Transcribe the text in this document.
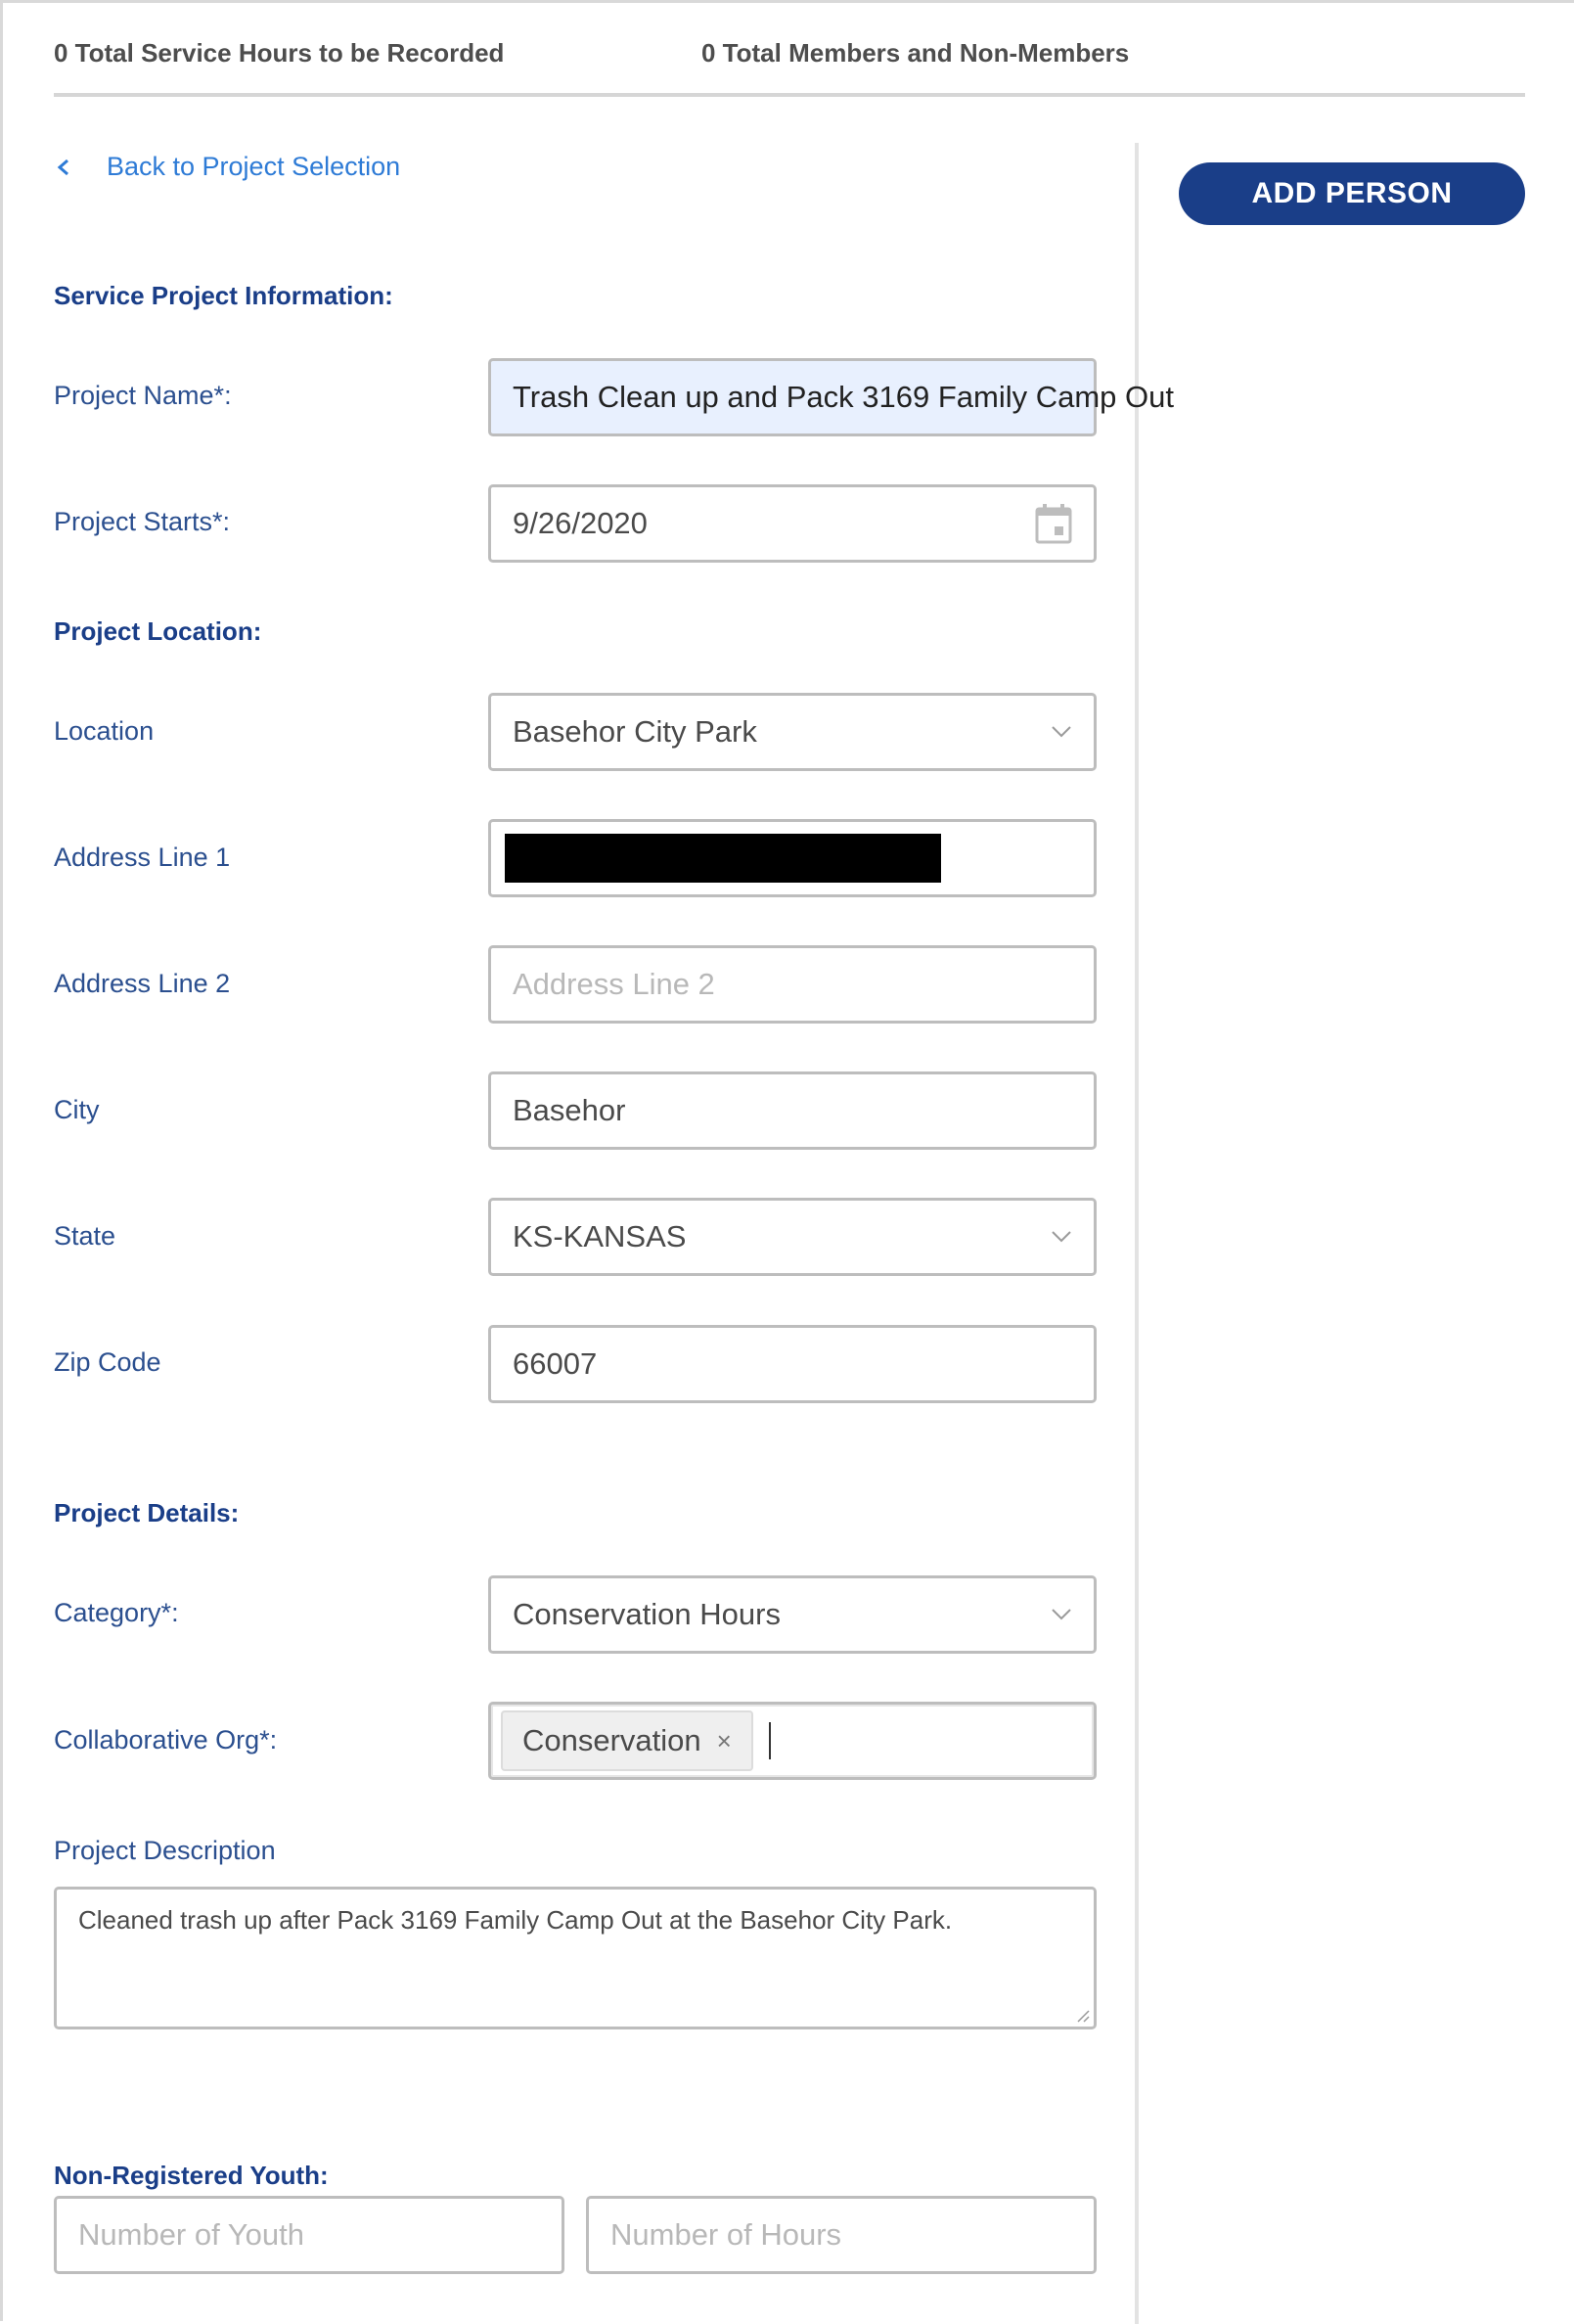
0 Total Service Hours to be Recorded	0 Total Members and Non-Members
Back to Project Selection
ADD PERSON
Service Project Information:
Project Name*:	Trash Clean up and Pack 3169 Family Camp Out
Project Starts*:	9/26/2020
Project Location:
Location	Basehor City Park
Address Line 1
Address Line 2	Address Line 2
City	Basehor
State	KS-KANSAS
Zip Code	66007
Project Details:
Category*:	Conservation Hours
Collaborative Org*:	Conservation ×
Project Description
Cleaned trash up after Pack 3169 Family Camp Out at the Basehor City Park.
Non-Registered Youth:
Number of Youth	Number of Hours
